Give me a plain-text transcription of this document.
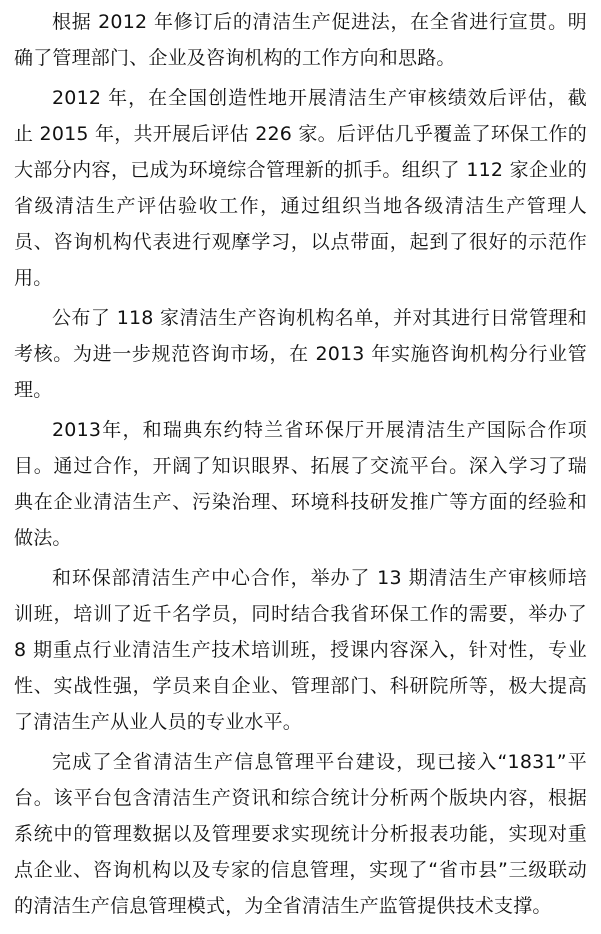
根据 2012 年修订后的清洁生产促进法，在全省进行宣贯。明确了管理部门、企业及咨询机构的工作方向和思路。

2012 年，在全国创造性地开展清洁生产审核绩效后评估，截止 2015 年，共开展后评估 226 家。后评估几乎覆盖了环保工作的大部分内容，已成为环境综合管理新的抓手。组织了 112 家企业的省级清洁生产评估验收工作，通过组织当地各级清洁生产管理人员、咨询机构代表进行观摩学习，以点带面，起到了很好的示范作用。

公布了 118 家清洁生产咨询机构名单，并对其进行日常管理和考核。为进一步规范咨询市场，在 2013 年实施咨询机构分行业管理。

2013年，和瑞典东约特兰省环保厅开展清洁生产国际合作项目。通过合作，开阔了知识眼界、拓展了交流平台。深入学习了瑞典在企业清洁生产、污染治理、环境科技研发推广等方面的经验和做法。

和环保部清洁生产中心合作，举办了 13 期清洁生产审核师培训班，培训了近千名学员，同时结合我省环保工作的需要，举办了 8 期重点行业清洁生产技术培训班，授课内容深入，针对性，专业性、实战性强，学员来自企业、管理部门、科研院所等，极大提高了清洁生产从业人员的专业水平。

完成了全省清洁生产信息管理平台建设，现已接入“1831”平台。该平台包含清洁生产资讯和综合统计分析两个版块内容，根据系统中的管理数据以及管理要求实现统计分析报表功能，实现对重点企业、咨询机构以及专家的信息管理，实现了“省市县”三级联动的清洁生产信息管理模式，为全省清洁生产监管提供技术支撑。
